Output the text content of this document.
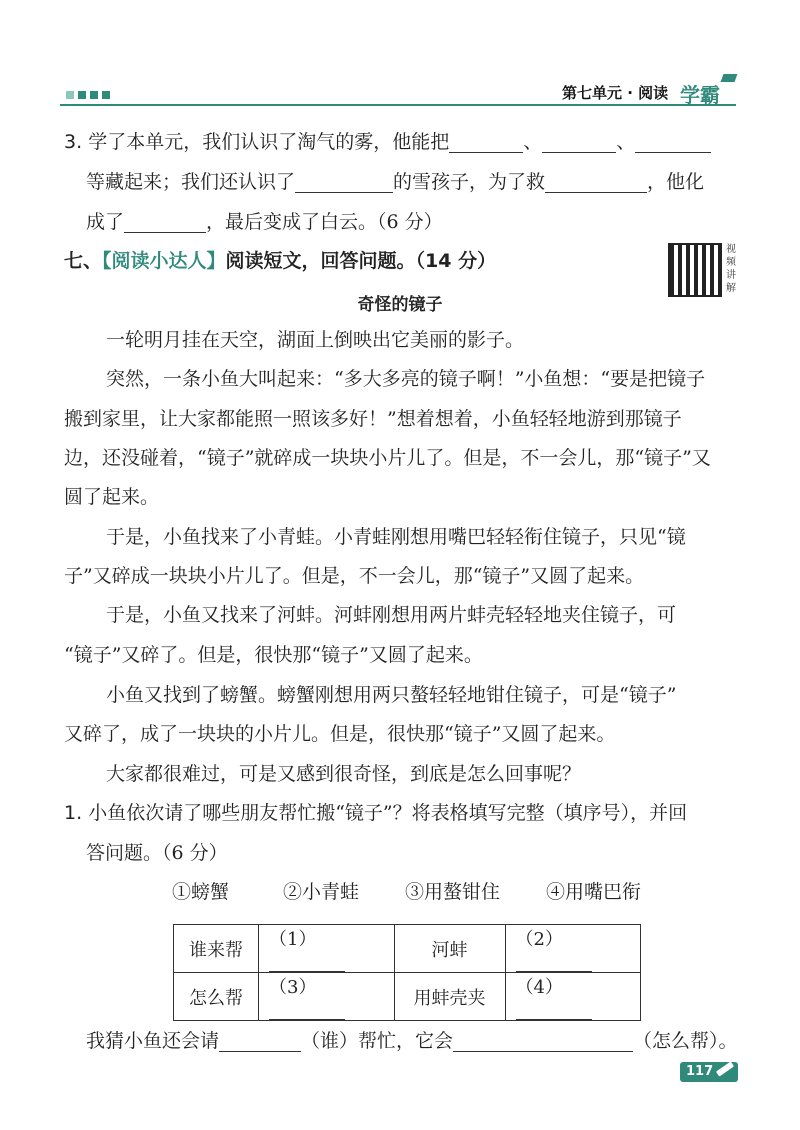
第七单元 · 阅读 学霸
3. 学了本单元，我们认识了淘气的雾，他能把	、	、
等藏起来；我们还认识了	的雪孩子，为了救	，他化
成了	，最后变成了白云。（6 分）
七、【阅读小达人】阅读短文，回答问题。（14 分）
视频讲解
奇怪的镜子
一轮明月挂在天空，湖面上倒映出它美丽的影子。
突然，一条小鱼大叫起来：“多大多亮的镜子啊！”小鱼想：“要是把镜子
搬到家里，让大家都能照一照该多好！”想着想着，小鱼轻轻地游到那镜子
边，还没碰着，“镜子”就碎成一块块小片儿了。但是，不一会儿，那“镜子”又
圆了起来。
于是，小鱼找来了小青蛙。小青蛙刚想用嘴巴轻轻衔住镜子，只见“镜
子”又碎成一块块小片儿了。但是，不一会儿，那“镜子”又圆了起来。
于是，小鱼又找来了河蚌。河蚌刚想用两片蚌壳轻轻地夹住镜子，可
“镜子”又碎了。但是，很快那“镜子”又圆了起来。
小鱼又找到了螃蟹。螃蟹刚想用两只螯轻轻地钳住镜子，可是“镜子”
又碎了，成了一块块的小片儿。但是，很快那“镜子”又圆了起来。
大家都很难过，可是又感到很奇怪，到底是怎么回事呢？
1. 小鱼依次请了哪些朋友帮忙搬“镜子”？将表格填写完整（填序号），并回
答问题。（6 分）
①螃蟹	②小青蛙 ③用螯钳住 ④用嘴巴衔
谁来帮	（1）	河蚌	（2）
怎么帮	（3）	用蚌壳夹	（4）
我猜小鱼还会请	（谁）帮忙，它会	（怎么帮）。
117
